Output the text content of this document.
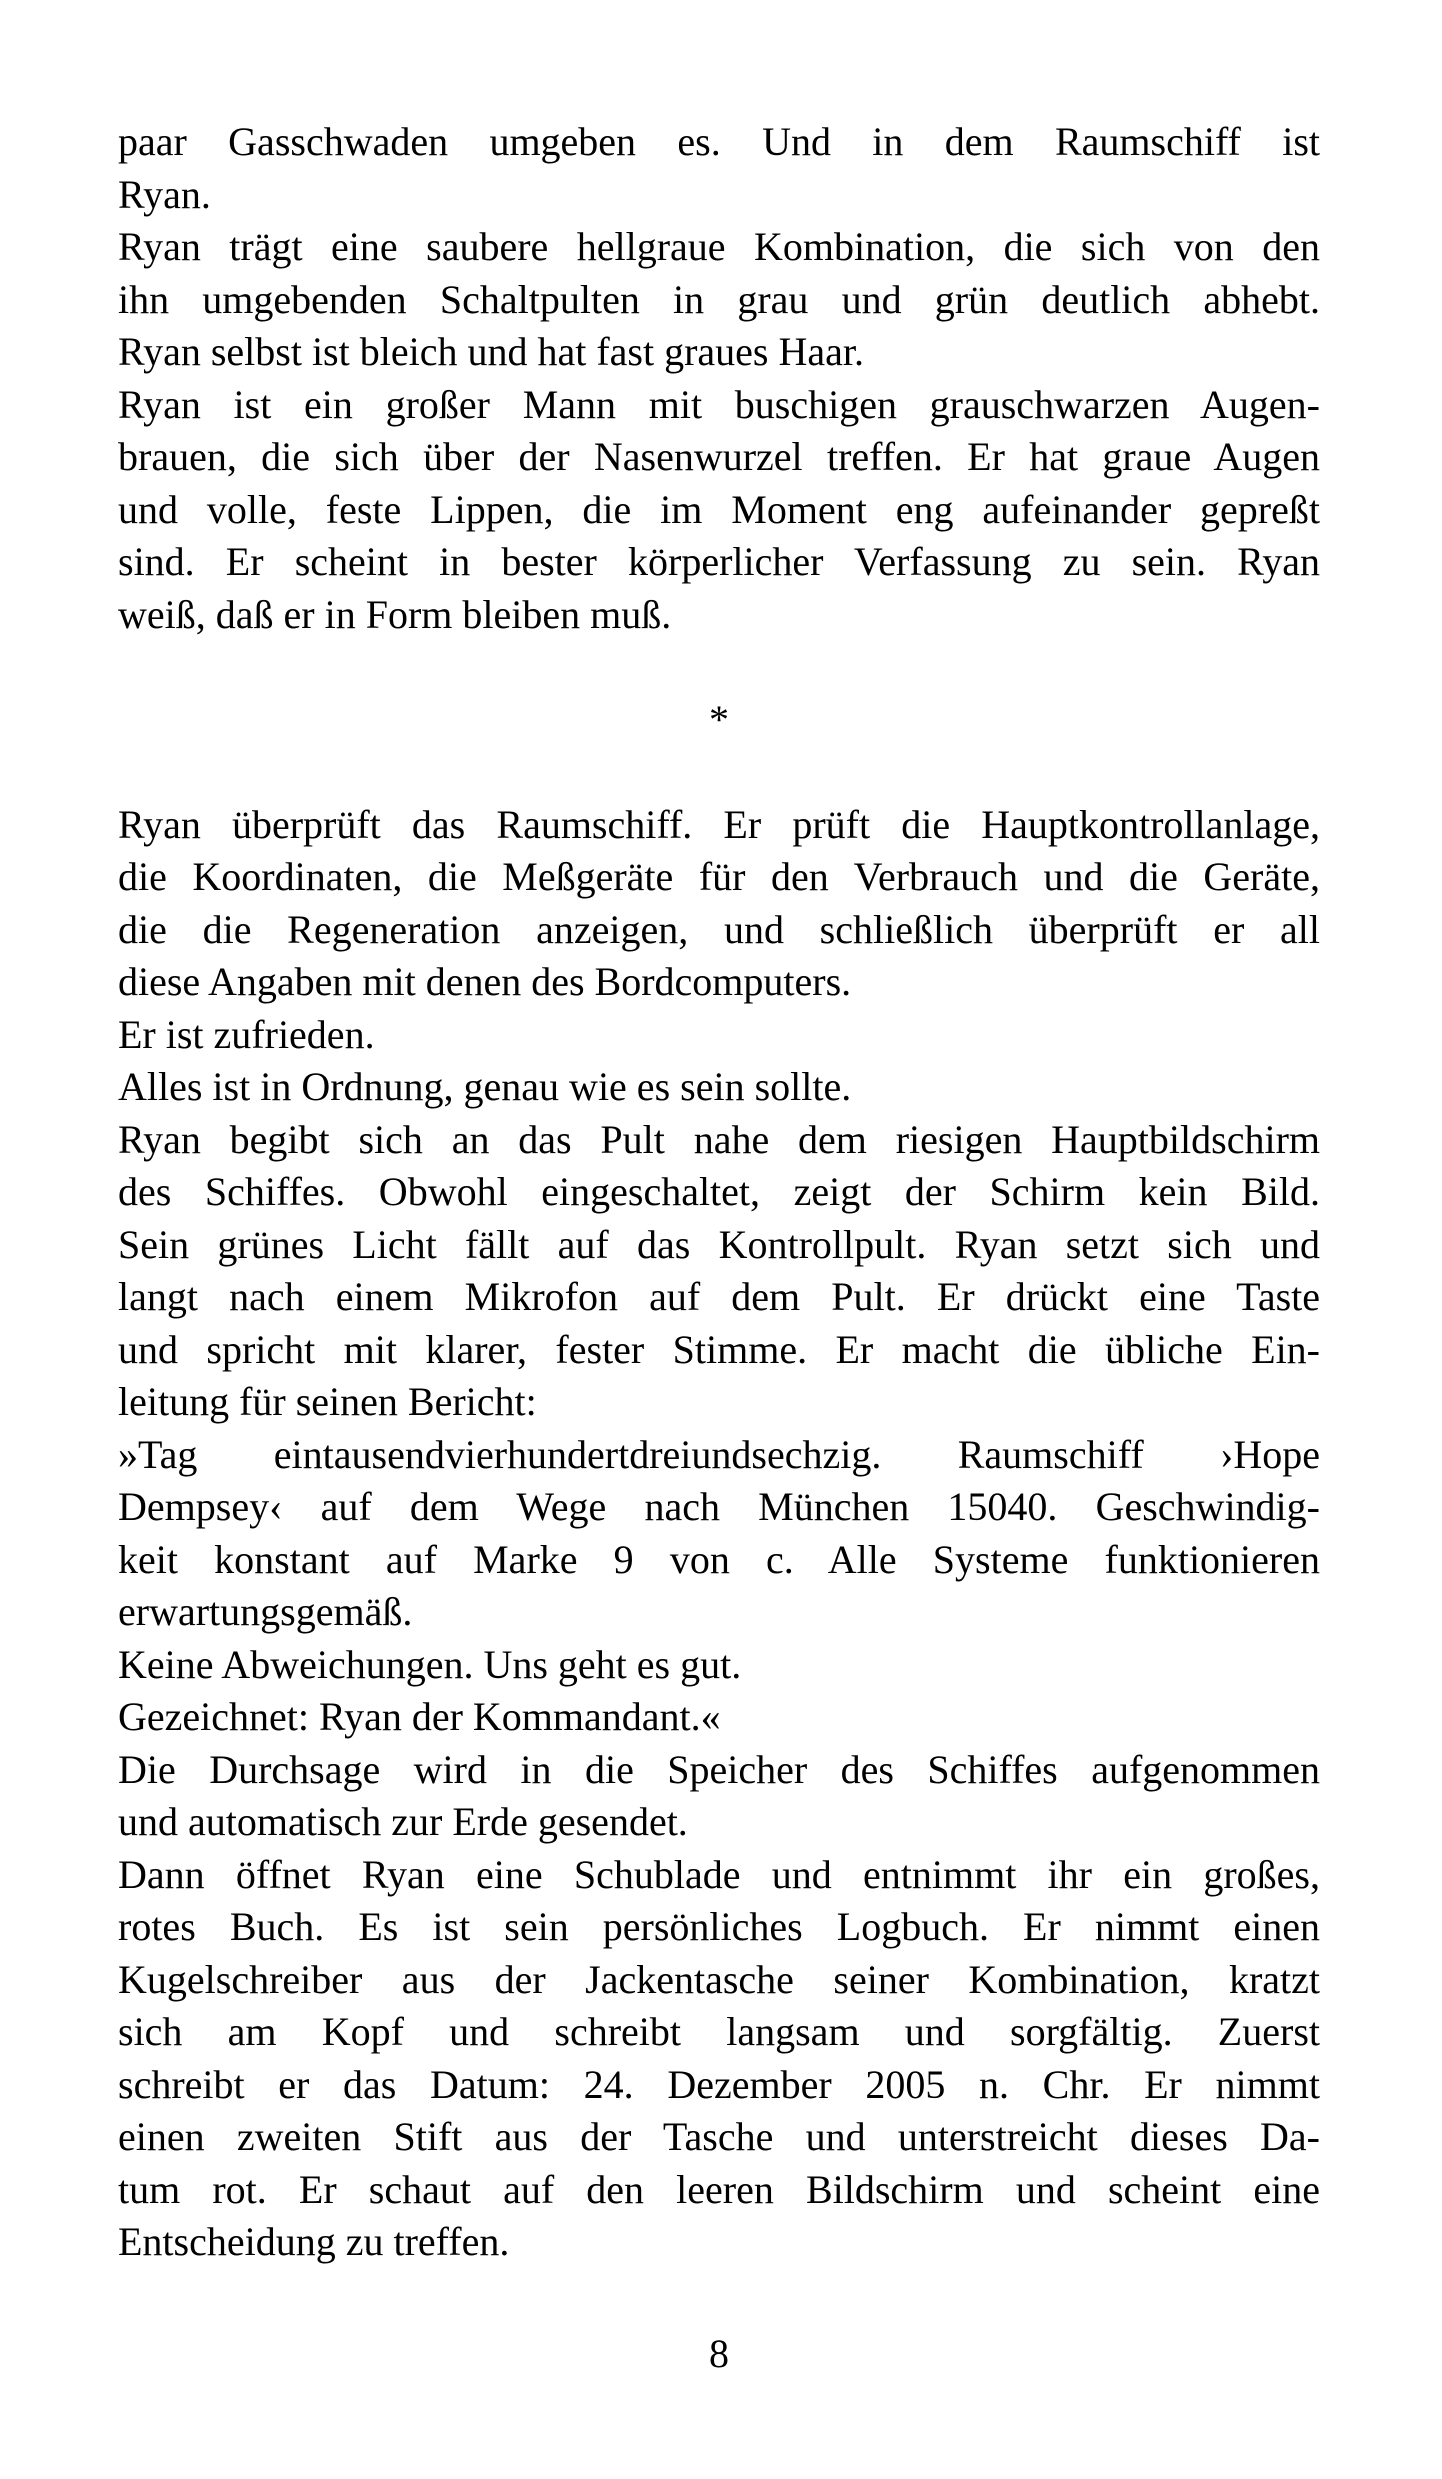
paar Gasschwaden umgeben es. Und in dem Raumschiff ist
Ryan.
Ryan trägt eine saubere hellgraue Kombination, die sich von den
ihn umgebenden Schaltpulten in grau und grün deutlich abhebt.
Ryan selbst ist bleich und hat fast graues Haar.
Ryan ist ein großer Mann mit buschigen grauschwarzen Augen-
brauen, die sich über der Nasenwurzel treffen. Er hat graue Augen
und volle, feste Lippen, die im Moment eng aufeinander gepreßt
sind. Er scheint in bester körperlicher Verfassung zu sein. Ryan
weiß, daß er in Form bleiben muß.
*
Ryan überprüft das Raumschiff. Er prüft die Hauptkontrollanlage,
die Koordinaten, die Meßgeräte für den Verbrauch und die Geräte,
die die Regeneration anzeigen, und schließlich überprüft er all
diese Angaben mit denen des Bordcomputers.
Er ist zufrieden.
Alles ist in Ordnung, genau wie es sein sollte.
Ryan begibt sich an das Pult nahe dem riesigen Hauptbildschirm
des Schiffes. Obwohl eingeschaltet, zeigt der Schirm kein Bild.
Sein grünes Licht fällt auf das Kontrollpult. Ryan setzt sich und
langt nach einem Mikrofon auf dem Pult. Er drückt eine Taste
und spricht mit klarer, fester Stimme. Er macht die übliche Ein-
leitung für seinen Bericht:
»Tag eintausendvierhundertdreiundsechzig. Raumschiff ›Hope
Dempsey‹ auf dem Wege nach München 15040. Geschwindig-
keit konstant auf Marke 9 von c. Alle Systeme funktionieren
erwartungsgemäß.
Keine Abweichungen. Uns geht es gut.
Gezeichnet: Ryan der Kommandant.«
Die Durchsage wird in die Speicher des Schiffes aufgenommen
und automatisch zur Erde gesendet.
Dann öffnet Ryan eine Schublade und entnimmt ihr ein großes,
rotes Buch. Es ist sein persönliches Logbuch. Er nimmt einen
Kugelschreiber aus der Jackentasche seiner Kombination, kratzt
sich am Kopf und schreibt langsam und sorgfältig. Zuerst
schreibt er das Datum: 24. Dezember 2005 n. Chr. Er nimmt
einen zweiten Stift aus der Tasche und unterstreicht dieses Da-
tum rot. Er schaut auf den leeren Bildschirm und scheint eine
Entscheidung zu treffen.
8
